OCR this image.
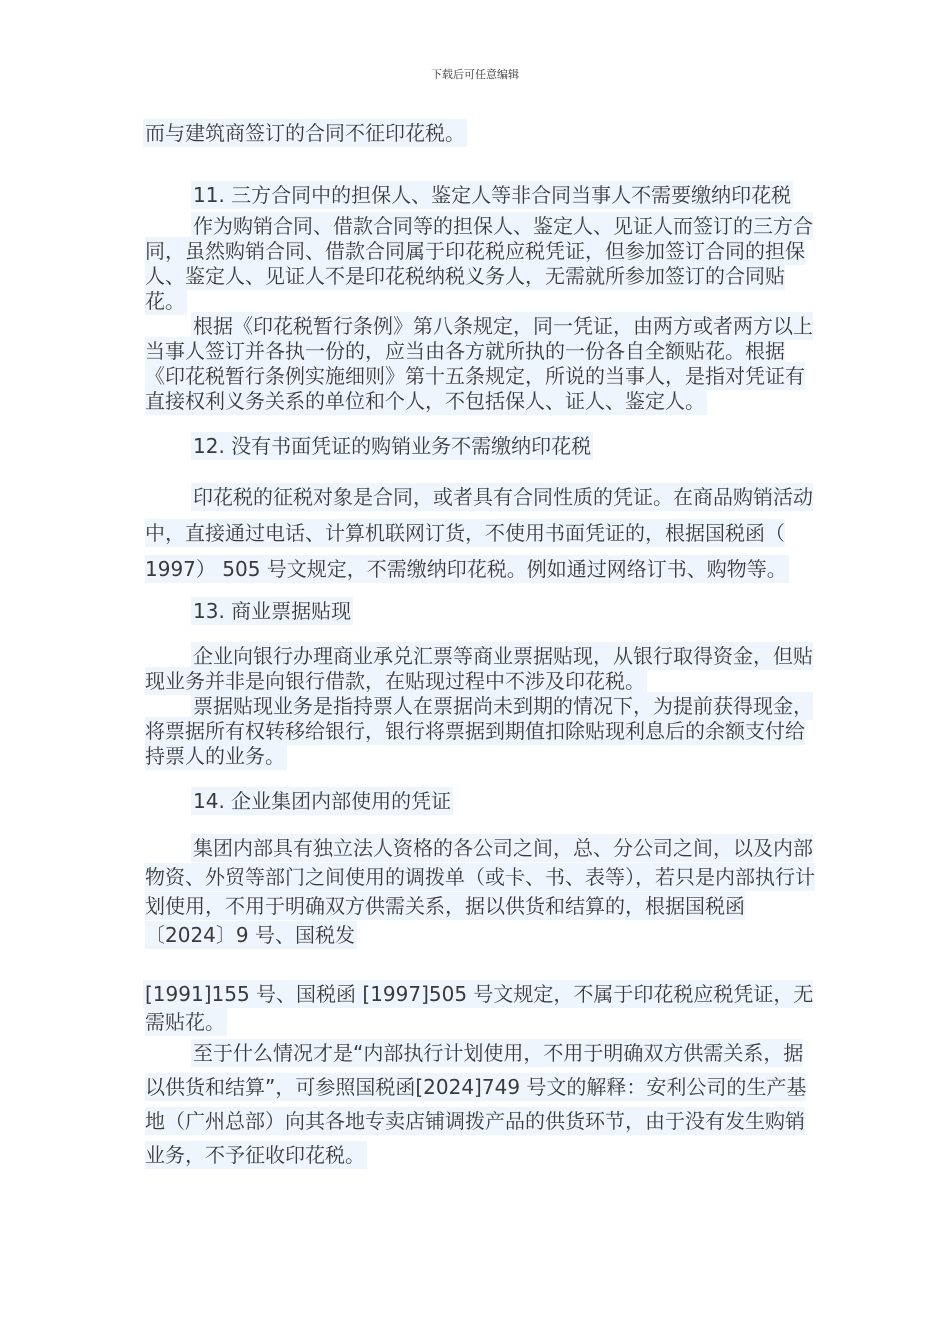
下载后可任意编辑

而与建筑商签订的合同不征印花税。

11. 三方合同中的担保人、鉴定人等非合同当事人不需要缴纳印花税

作为购销合同、借款合同等的担保人、鉴定人、见证人而签订的三方合同，虽然购销合同、借款合同属于印花税应税凭证，但参加签订合同的担保人、鉴定人、见证人不是印花税纳税义务人，无需就所参加签订的合同贴花。

根据《印花税暂行条例》第八条规定，同一凭证，由两方或者两方以上当事人签订并各执一份的，应当由各方就所执的一份各自全额贴花。根据《印花税暂行条例实施细则》第十五条规定，所说的当事人，是指对凭证有直接权利义务关系的单位和个人，不包括保人、证人、鉴定人。

12. 没有书面凭证的购销业务不需缴纳印花税

印花税的征税对象是合同，或者具有合同性质的凭证。在商品购销活动中，直接通过电话、计算机联网订货，不使用书面凭证的，根据国税函（ 1997） 505 号文规定，不需缴纳印花税。例如通过网络订书、购物等。

13. 商业票据贴现

企业向银行办理商业承兑汇票等商业票据贴现，从银行取得资金，但贴现业务并非是向银行借款，在贴现过程中不涉及印花税。

票据贴现业务是指持票人在票据尚未到期的情况下，为提前获得现金，将票据所有权转移给银行，银行将票据到期值扣除贴现利息后的余额支付给持票人的业务。

14. 企业集团内部使用的凭证

集团内部具有独立法人资格的各公司之间，总、分公司之间，以及内部物资、外贸等部门之间使用的调拨单（或卡、书、表等），若只是内部执行计划使用，不用于明确双方供需关系，据以供货和结算的，根据国税函〔2024〕9 号、国税发

[1991]155 号、国税函 [1997]505 号文规定，不属于印花税应税凭证，无需贴花。

至于什么情况才是“内部执行计划使用，不用于明确双方供需关系，据以供货和结算”，可参照国税函[2024]749 号文的解释：安利公司的生产基地（广州总部）向其各地专卖店铺调拨产品的供货环节，由于没有发生购销业务，不予征收印花税。
